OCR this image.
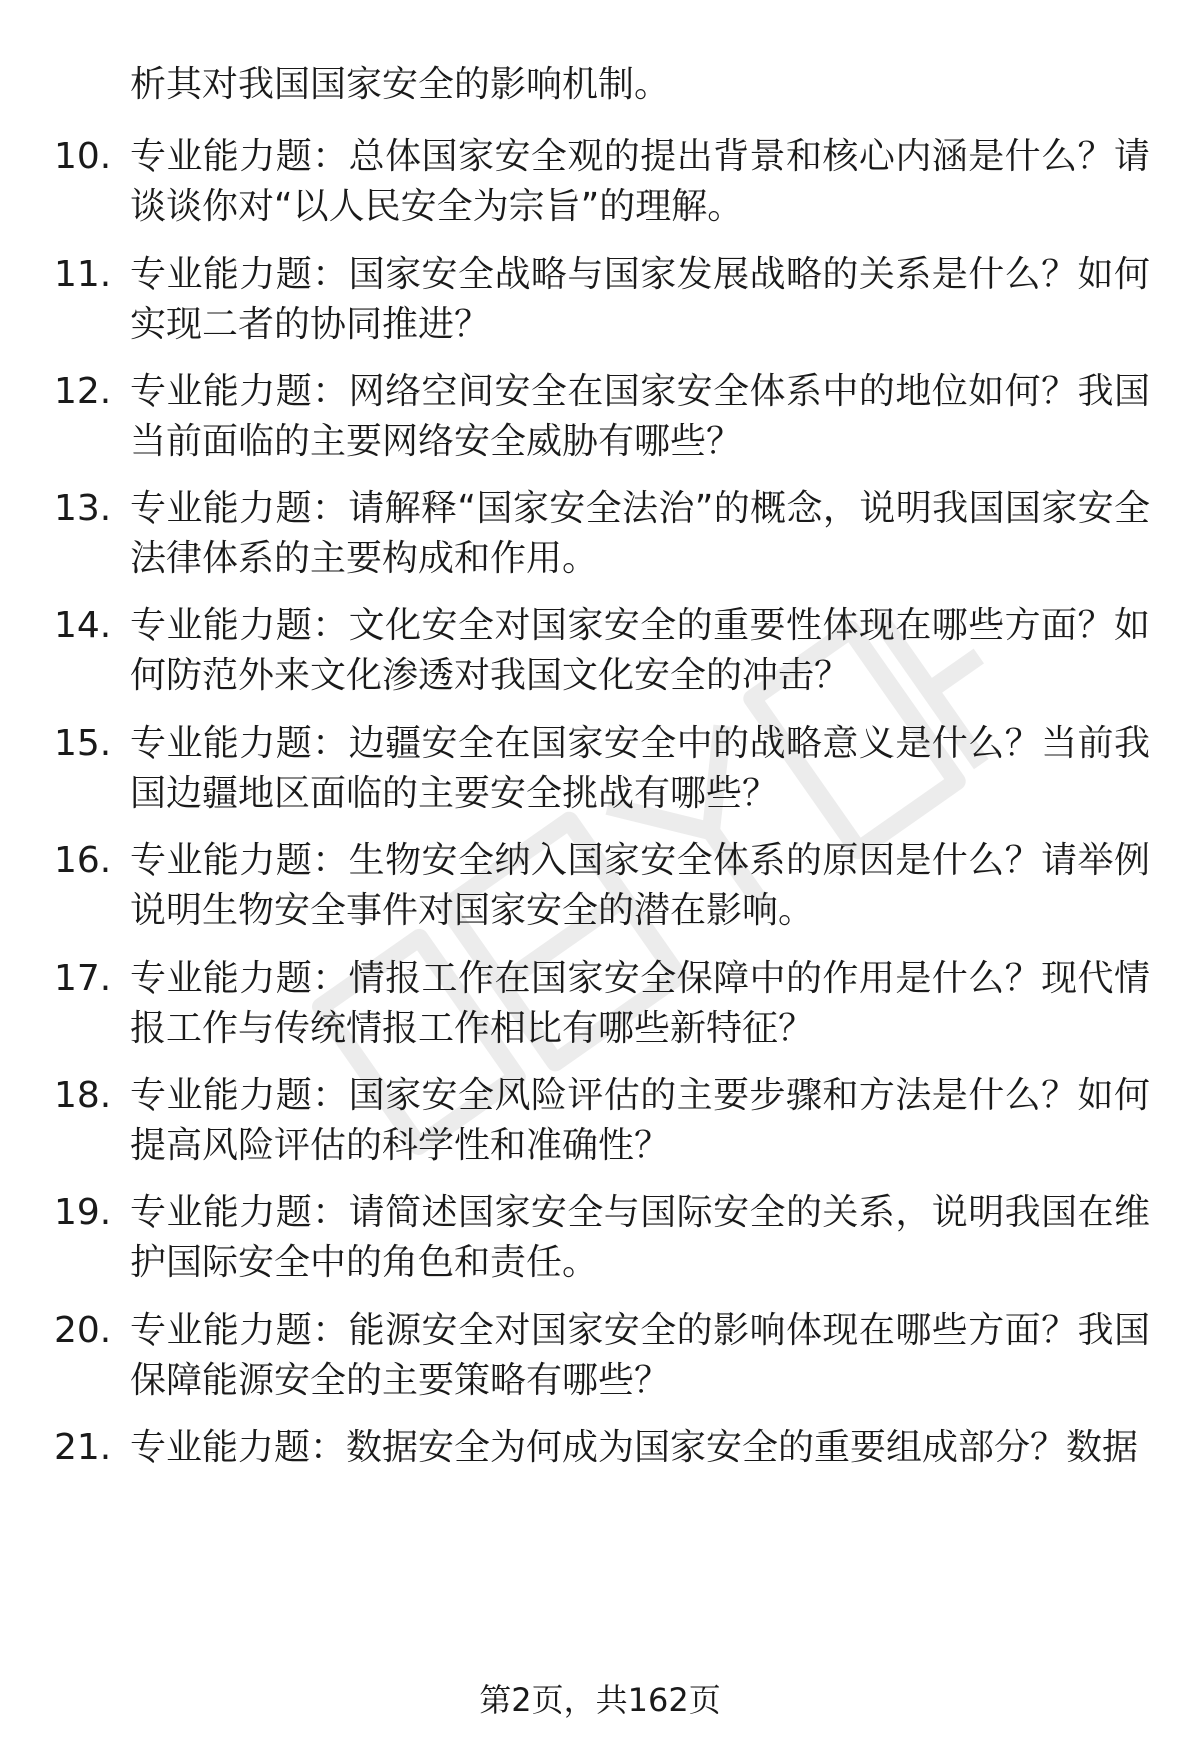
析其对我国国家安全的影响机制。

10. 专业能力题：总体国家安全观的提出背景和核心内涵是什么？请谈谈你对“以人民安全为宗旨”的理解。
11. 专业能力题：国家安全战略与国家发展战略的关系是什么？如何实现二者的协同推进？
12. 专业能力题：网络空间安全在国家安全体系中的地位如何？我国当前面临的主要网络安全威胁有哪些？
13. 专业能力题：请解释“国家安全法治”的概念，说明我国国家安全法律体系的主要构成和作用。
14. 专业能力题：文化安全对国家安全的重要性体现在哪些方面？如何防范外来文化渗透对我国文化安全的冲击？
15. 专业能力题：边疆安全在国家安全中的战略意义是什么？当前我国边疆地区面临的主要安全挑战有哪些？
16. 专业能力题：生物安全纳入国家安全体系的原因是什么？请举例说明生物安全事件对国家安全的潜在影响。
17. 专业能力题：情报工作在国家安全保障中的作用是什么？现代情报工作与传统情报工作相比有哪些新特征？
18. 专业能力题：国家安全风险评估的主要步骤和方法是什么？如何提高风险评估的科学性和准确性？
19. 专业能力题：请简述国家安全与国际安全的关系，说明我国在维护国际安全中的角色和责任。
20. 专业能力题：能源安全对国家安全的影响体现在哪些方面？我国保障能源安全的主要策略有哪些？
21. 专业能力题：数据安全为何成为国家安全的重要组成部分？数据
第2页，共162页
